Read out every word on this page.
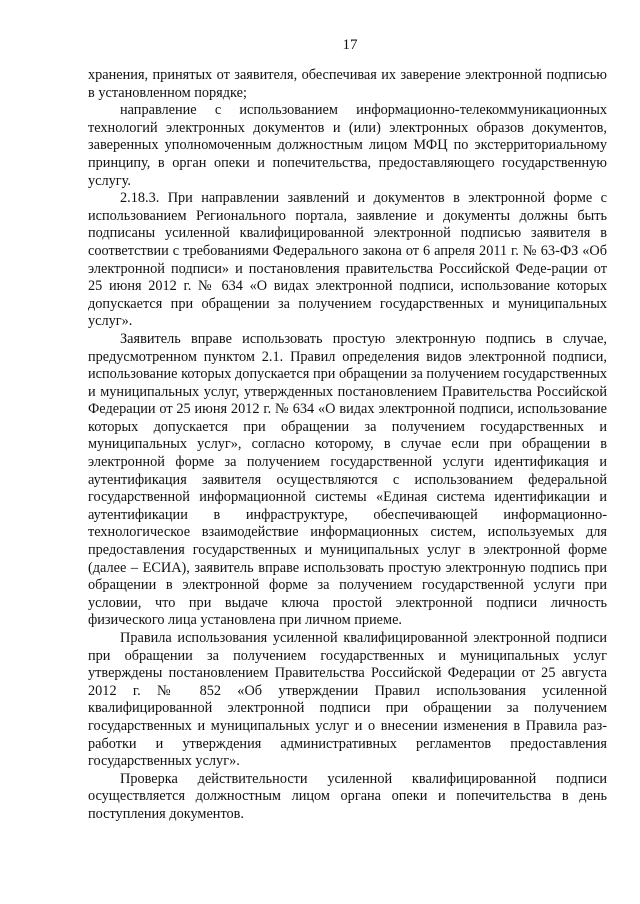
17

хранения, принятых от заявителя, обеспечивая их заверение электронной подписью в установленном порядке;

направление с использованием информационно-телекоммуникационных технологий электронных документов и (или) электронных образов документов, заверенных уполномоченным должностным лицом МФЦ по экстерриториальному принципу, в орган опеки и попечительства, предоставляющего государственную услугу.

2.18.3. При направлении заявлений и документов в электронной форме с использованием Регионального портала, заявление и документы должны быть подписаны усиленной квалифицированной электронной подписью заявителя в соответствии с требованиями Федерального закона от 6 апреля 2011 г. № 63-ФЗ «Об электронной подписи» и постановления правительства Российской Феде-рации от 25 июня 2012 г. № 634 «О видах электронной подписи, использование которых допускается при обращении за получением государственных и муниципальных услуг».

Заявитель вправе использовать простую электронную подпись в случае, предусмотренном пунктом 2.1. Правил определения видов электронной подписи, использование которых допускается при обращении за получением государственных и муниципальных услуг, утвержденных постановлением Правительства Российской Федерации от 25 июня 2012 г. № 634 «О видах электронной подписи, использование которых допускается при обращении за получением государственных и муниципальных услуг», согласно которому, в случае если при обращении в электронной форме за получением государственной услуги идентификация и аутентификация заявителя осуществляются с использованием федеральной государственной информационной системы «Единая система идентификации и аутентификации в инфраструктуре, обеспечивающей информационно-технологическое взаимодействие информационных систем, используемых для предоставления государственных и муниципальных услуг в электронной форме (далее – ЕСИА), заявитель вправе использовать простую электронную подпись при обращении в электронной форме за получением государственной услуги при условии, что при выдаче ключа простой электронной подписи личность физического лица установлена при личном приеме.

Правила использования усиленной квалифицированной электронной подписи при обращении за получением государственных и муниципальных услуг утверждены постановлением Правительства Российской Федерации от 25 августа 2012 г. № 852 «Об утверждении Правил использования усиленной квалифицированной электронной подписи при обращении за получением государственных и муниципальных услуг и о внесении изменения в Правила раз-работки и утверждения административных регламентов предоставления государственных услуг».

Проверка действительности усиленной квалифицированной подписи осуществляется должностным лицом органа опеки и попечительства в день поступления документов.
